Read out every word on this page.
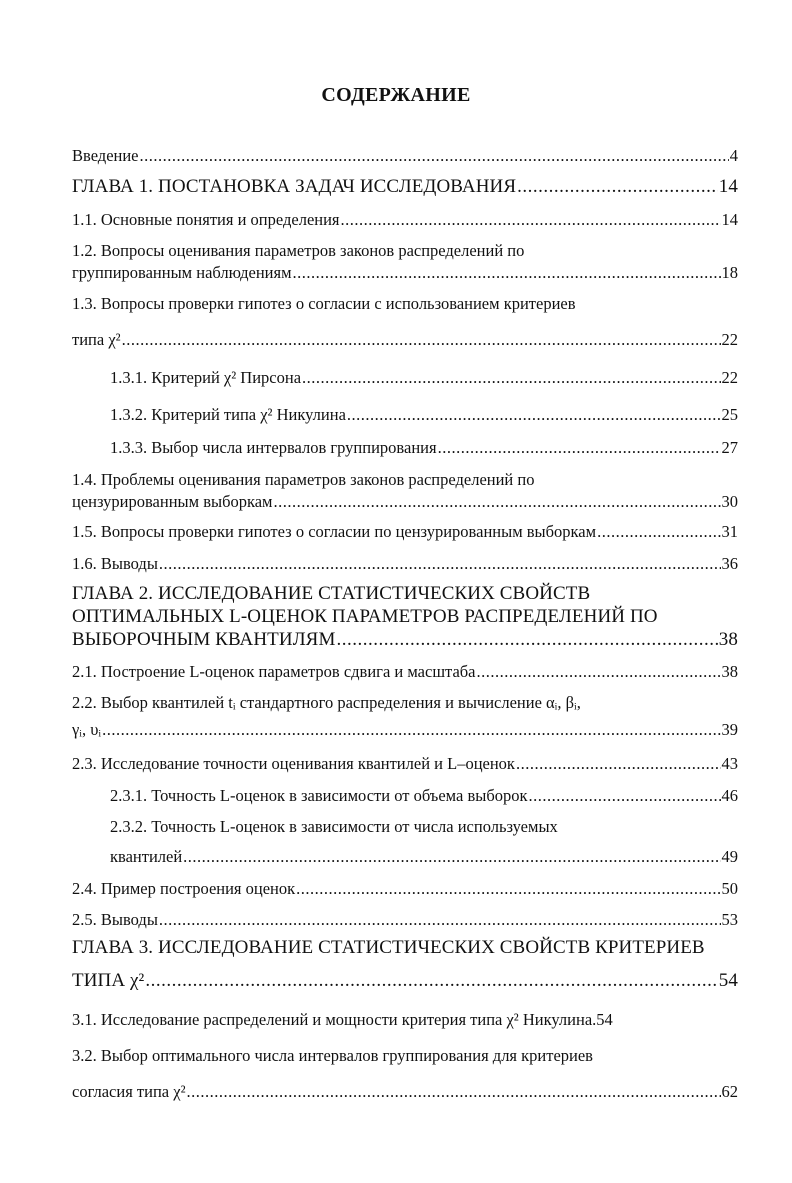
СОДЕРЖАНИЕ
Введение .....	4
ГЛАВА 1. ПОСТАНОВКА ЗАДАЧ ИССЛЕДОВАНИЯ .....	14
1.1. Основные понятия и определения .....	14
1.2. Вопросы оценивания параметров законов распределений по
группированным наблюдениям .....	18
1.3. Вопросы проверки гипотез о согласии с использованием критериев
типа χ² .....	22
1.3.1. Критерий χ² Пирсона .....	22
1.3.2. Критерий типа χ² Никулина .....	25
1.3.3. Выбор числа интервалов группирования .....	27
1.4. Проблемы оценивания параметров законов распределений по
цензурированным выборкам .....	30
1.5. Вопросы проверки гипотез о согласии по цензурированным выборкам .....	31
1.6. Выводы .....	36
ГЛАВА 2. ИССЛЕДОВАНИЕ СТАТИСТИЧЕСКИХ СВОЙСТВ
ОПТИМАЛЬНЫХ L-ОЦЕНОК ПАРАМЕТРОВ РАСПРЕДЕЛЕНИЙ ПО
ВЫБОРОЧНЫМ КВАНТИЛЯМ .....	38
2.1. Построение L-оценок параметров сдвига и масштаба .....	38
2.2. Выбор квантилей tᵢ стандартного распределения и вычисление αᵢ, βᵢ,
γᵢ, υᵢ .....	39
2.3. Исследование точности оценивания квантилей и L–оценок .....	43
2.3.1. Точность L-оценок в зависимости от объема выборок .....	46
2.3.2. Точность L-оценок в зависимости от числа используемых
квантилей .....	49
2.4. Пример построения оценок .....	50
2.5. Выводы .....	53
ГЛАВА 3. ИССЛЕДОВАНИЕ СТАТИСТИЧЕСКИХ СВОЙСТВ КРИТЕРИЕВ
ТИПА χ² .....	54
3.1. Исследование распределений и мощности критерия типа χ² Никулина. 54
3.2. Выбор оптимального числа интервалов группирования для критериев
согласия типа χ² .....	62
